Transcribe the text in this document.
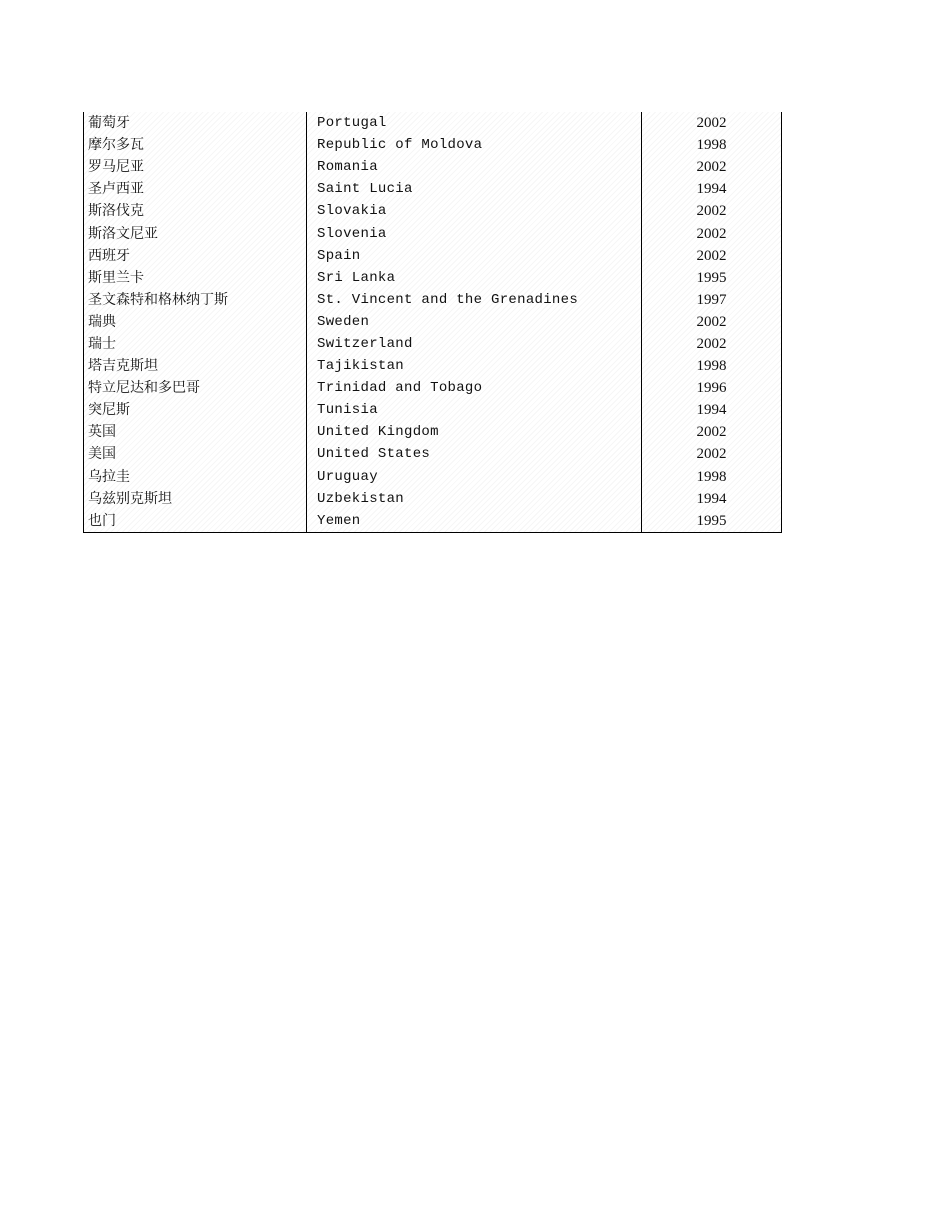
葡萄牙	Portugal	2002
摩尔多瓦	Republic of Moldova	1998
罗马尼亚	Romania	2002
圣卢西亚	Saint Lucia	1994
斯洛伐克	Slovakia	2002
斯洛文尼亚	Slovenia	2002
西班牙	Spain	2002
斯里兰卡	Sri Lanka	1995
圣文森特和格林纳丁斯	St. Vincent and the Grenadines	1997
瑞典	Sweden	2002
瑞士	Switzerland	2002
塔吉克斯坦	Tajikistan	1998
特立尼达和多巴哥	Trinidad and Tobago	1996
突尼斯	Tunisia	1994
英国	United Kingdom	2002
美国	United States	2002
乌拉圭	Uruguay	1998
乌兹别克斯坦	Uzbekistan	1994
也门	Yemen	1995
